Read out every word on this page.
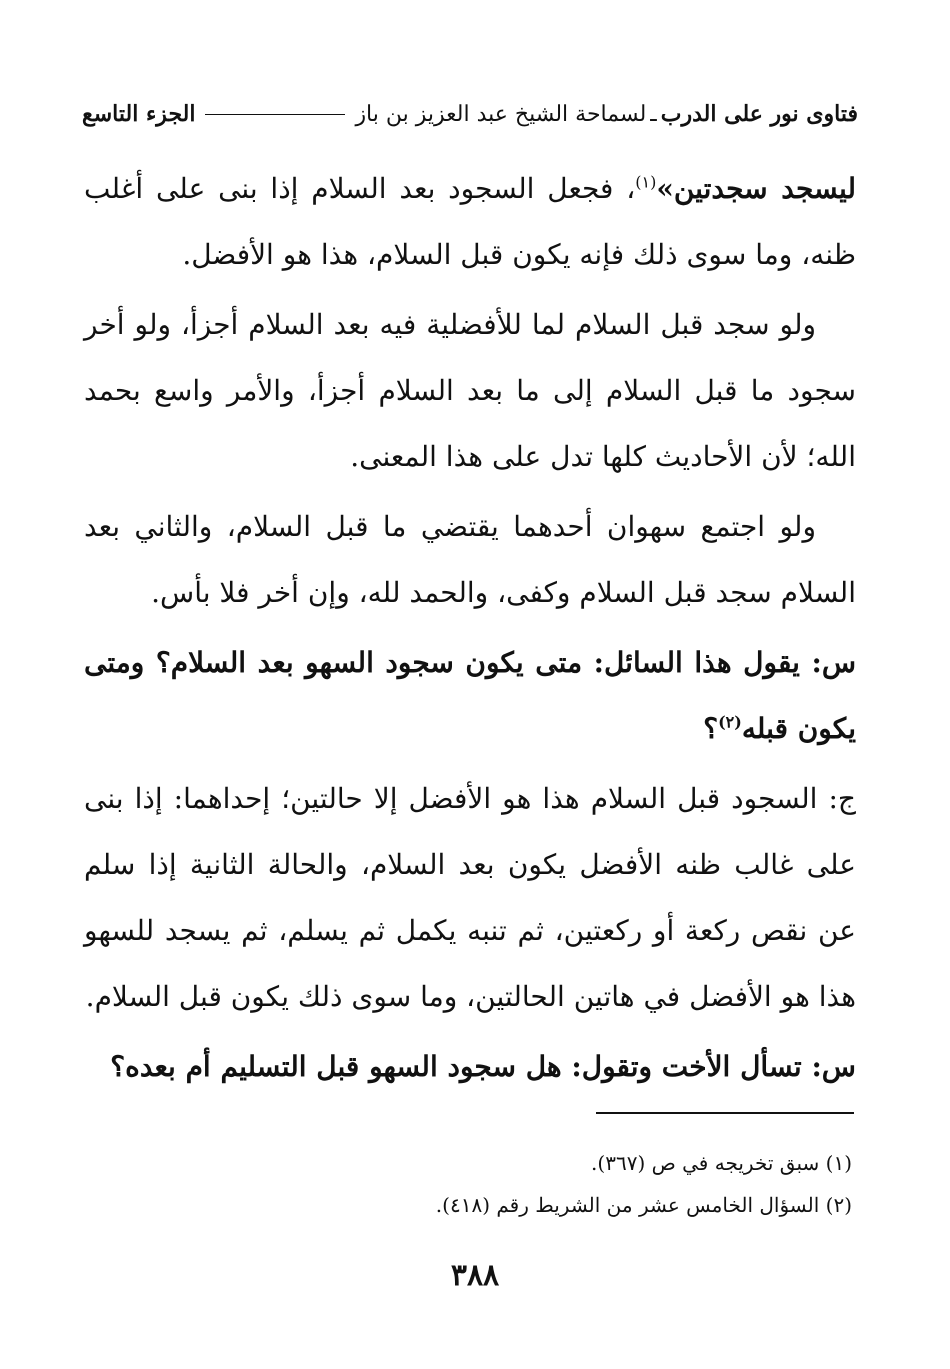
فتاوى نور على الدرب
ـ
لسماحة الشيخ عبد العزيز بن باز
الجزء التاسع

ليسجد سجدتين»$^{(١)}$، فجعل السجود بعد السلام إذا بنى على أغلب ظنه، وما سوى ذلك فإنه يكون قبل السلام، هذا هو الأفضل.

ولو سجد قبل السلام لما للأفضلية فيه بعد السلام أجزأ، ولو أخر سجود ما قبل السلام إلى ما بعد السلام أجزأ، والأمر واسع بحمد الله؛ لأن الأحاديث كلها تدل على هذا المعنى.

ولو اجتمع سهوان أحدهما يقتضي ما قبل السلام، والثاني بعد السلام سجد قبل السلام وكفى، والحمد لله، وإن أخر فلا بأس.

س: يقول هذا السائل: متى يكون سجود السهو بعد السلام؟ ومتى يكون قبله$^{(٢)}$؟

ج: السجود قبل السلام هذا هو الأفضل إلا حالتين؛ إحداهما: إذا بنى على غالب ظنه الأفضل يكون بعد السلام، والحالة الثانية إذا سلم عن نقص ركعة أو ركعتين، ثم تنبه يكمل ثم يسلم، ثم يسجد للسهو هذا هو الأفضل في هاتين الحالتين، وما سوى ذلك يكون قبل السلام.

س: تسأل الأخت وتقول: هل سجود السهو قبل التسليم أم بعده؟

(١) سبق تخريجه في ص (٣٦٧).
(٢) السؤال الخامس عشر من الشريط رقم (٤١٨).
٣٨٨
